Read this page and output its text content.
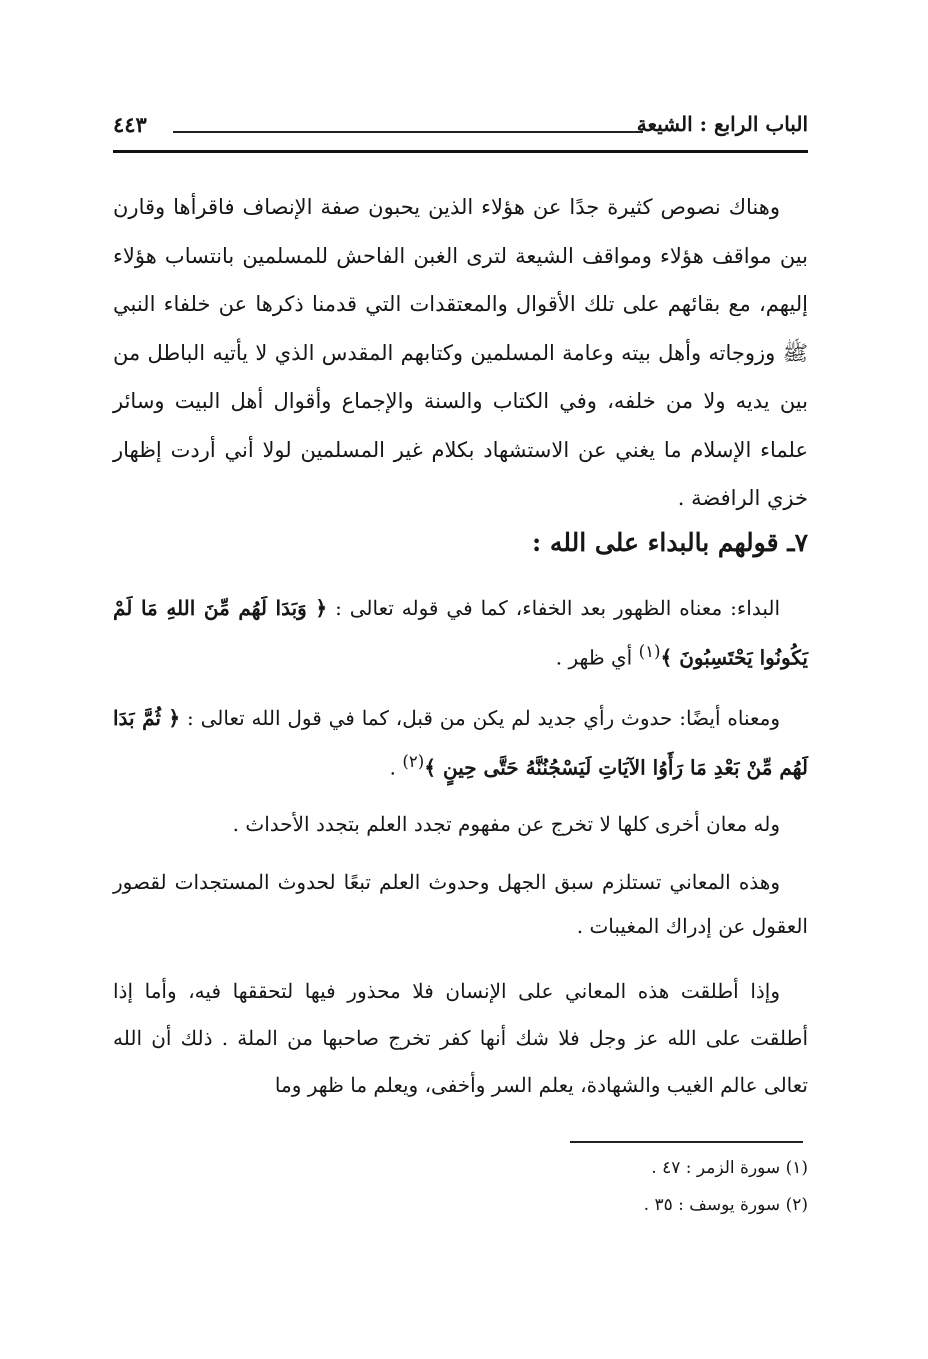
الباب الرابع : الشيعة
٤٤٣
وهناك نصوص كثيرة جدًا عن هؤلاء الذين يحبون صفة الإنصاف فاقرأها وقارن بين مواقف هؤلاء ومواقف الشيعة لترى الغبن الفاحش للمسلمين بانتساب هؤلاء إليهم، مع بقائهم على تلك الأقوال والمعتقدات التي قدمنا ذكرها عن خلفاء النبي ﷺ وزوجاته وأهل بيته وعامة المسلمين وكتابهم المقدس الذي لا يأتيه الباطل من بين يديه ولا من خلفه، وفي الكتاب والسنة والإجماع وأقوال أهل البيت وسائر علماء الإسلام ما يغني عن الاستشهاد بكلام غير المسلمين لولا أني أردت إظهار خزي الرافضة .
٧ـ قولهم بالبداء على الله :
البداء: معناه الظهور بعد الخفاء، كما في قوله تعالى : ﴿ وَبَدَا لَهُم مِّنَ اللهِ مَا لَمْ يَكُونُوا يَحْتَسِبُونَ ﴾$^{(١)}$ أي ظهر .
ومعناه أيضًا: حدوث رأي جديد لم يكن من قبل، كما في قول الله تعالى : ﴿ ثُمَّ بَدَا لَهُم مِّنْ بَعْدِ مَا رَأَوُا الآيَاتِ لَيَسْجُنُنَّهُ حَتَّى حِينٍ ﴾$^{(٢)}$ .
وله معان أخرى كلها لا تخرج عن مفهوم تجدد العلم بتجدد الأحداث .
وهذه المعاني تستلزم سبق الجهل وحدوث العلم تبعًا لحدوث المستجدات لقصور العقول عن إدراك المغيبات .
وإذا أطلقت هذه المعاني على الإنسان فلا محذور فيها لتحققها فيه، وأما إذا أطلقت على الله عز وجل فلا شك أنها كفر تخرج صاحبها من الملة . ذلك أن الله تعالى عالم الغيب والشهادة، يعلم السر وأخفى، ويعلم ما ظهر وما
(١) سورة الزمر : ٤٧ .
(٢) سورة يوسف : ٣٥ .
